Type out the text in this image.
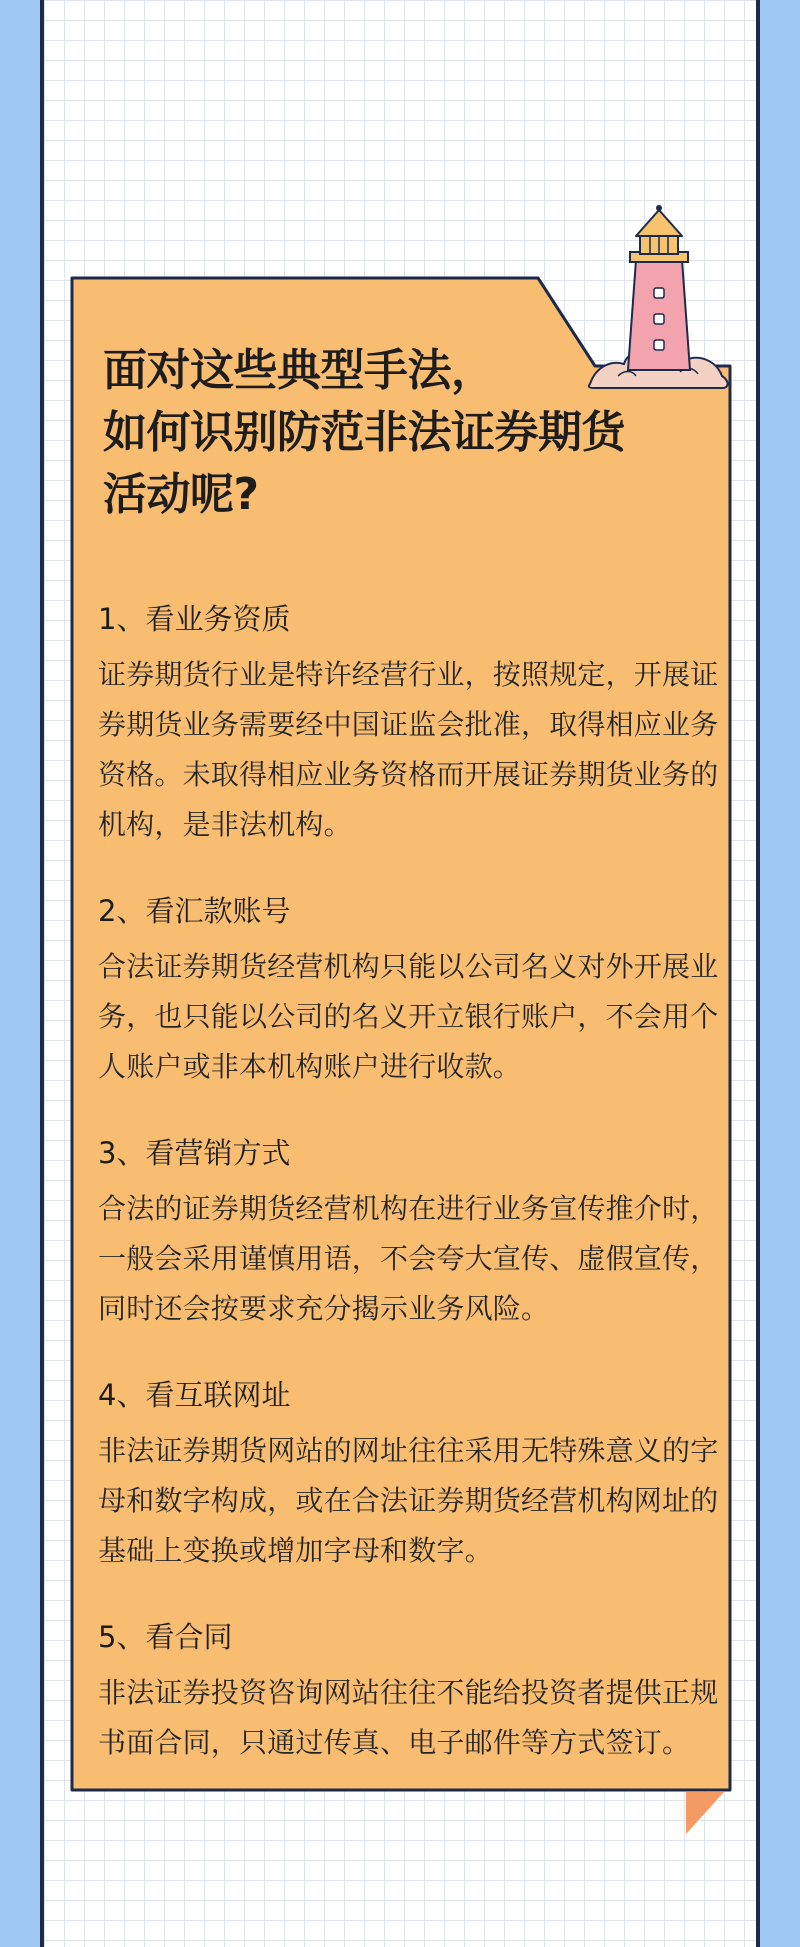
面对这些典型手法，
如何识别防范非法证券期货
活动呢?
1、看业务资质

证券期货行业是特许经营行业，按照规定，开展证券期货业务需要经中国证监会批准，取得相应业务资格。未取得相应业务资格而开展证券期货业务的机构，是非法机构。

2、看汇款账号

合法证券期货经营机构只能以公司名义对外开展业务，也只能以公司的名义开立银行账户，不会用个人账户或非本机构账户进行收款。

3、看营销方式

合法的证券期货经营机构在进行业务宣传推介时，一般会采用谨慎用语，不会夸大宣传、虚假宣传，同时还会按要求充分揭示业务风险。

4、看互联网址

非法证券期货网站的网址往往采用无特殊意义的字母和数字构成，或在合法证券期货经营机构网址的基础上变换或增加字母和数字。

5、看合同

非法证券投资咨询网站往往不能给投资者提供正规书面合同，只通过传真、电子邮件等方式签订。
